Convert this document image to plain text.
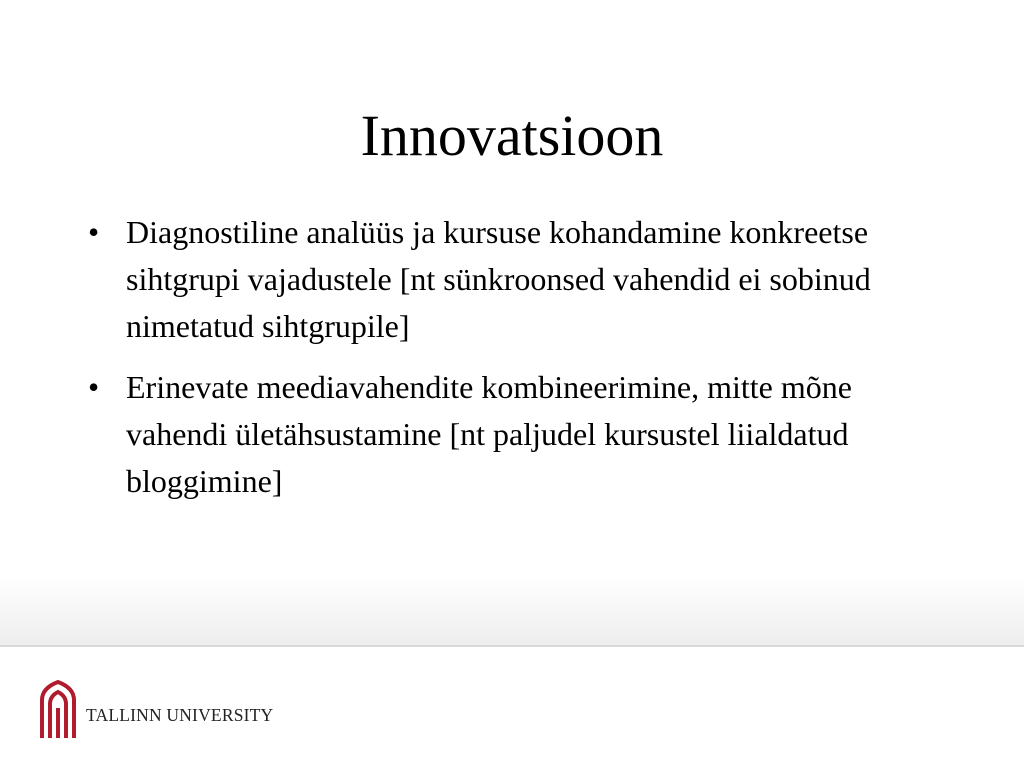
Innovatsioon
• Diagnostiline analüüs ja kursuse kohandamine konkreetse sihtgrupi vajadustele [nt sünkroonsed vahendid ei sobinud nimetatud sihtgrupile]
• Erinevate meediavahendite kombineerimine, mitte mõne vahendi ületähsustamine [nt paljudel kursustel liialdatud bloggimine]
TALLINN UNIVERSITY
